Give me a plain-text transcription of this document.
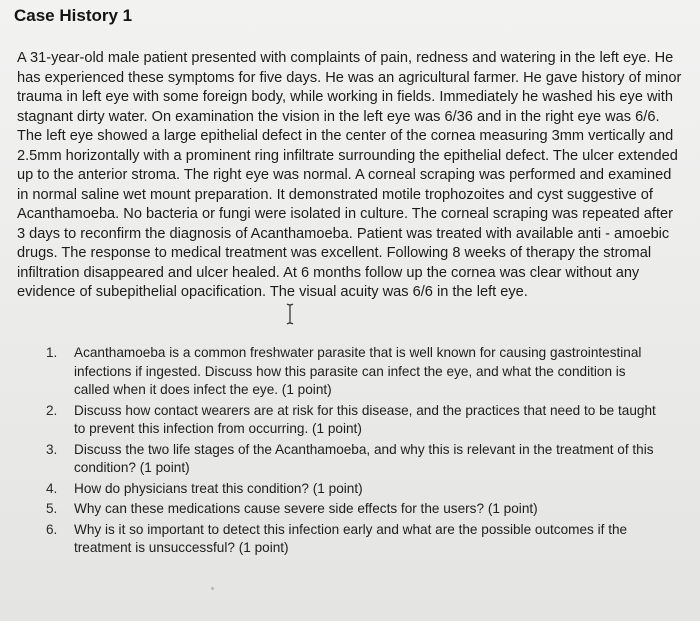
Case History 1

A 31-year-old male patient presented with complaints of pain, redness and watering in the left eye. He has experienced these symptoms for five days. He was an agricultural farmer. He gave history of minor trauma in left eye with some foreign body, while working in fields. Immediately he washed his eye with stagnant dirty water. On examination the vision in the left eye was 6/36 and in the right eye was 6/6. The left eye showed a large epithelial defect in the center of the cornea measuring 3mm vertically and 2.5mm horizontally with a prominent ring infiltrate surrounding the epithelial defect. The ulcer extended up to the anterior stroma. The right eye was normal. A corneal scraping was performed and examined in normal saline wet mount preparation. It demonstrated motile trophozoites and cyst suggestive of Acanthamoeba. No bacteria or fungi were isolated in culture. The corneal scraping was repeated after 3 days to reconfirm the diagnosis of Acanthamoeba. Patient was treated with available anti - amoebic drugs. The response to medical treatment was excellent. Following 8 weeks of therapy the stromal infiltration disappeared and ulcer healed. At 6 months follow up the cornea was clear without any evidence of subepithelial opacification. The visual acuity was 6/6 in the left eye.

1.	Acanthamoeba is a common freshwater parasite that is well known for causing gastrointestinal infections if ingested. Discuss how this parasite can infect the eye, and what the condition is called when it does infect the eye. (1 point)
2.	Discuss how contact wearers are at risk for this disease, and the practices that need to be taught to prevent this infection from occurring. (1 point)
3.	Discuss the two life stages of the Acanthamoeba, and why this is relevant in the treatment of this condition? (1 point)
4.	How do physicians treat this condition? (1 point)
5.	Why can these medications cause severe side effects for the users? (1 point)
6.	Why is it so important to detect this infection early and what are the possible outcomes if the treatment is unsuccessful? (1 point)
